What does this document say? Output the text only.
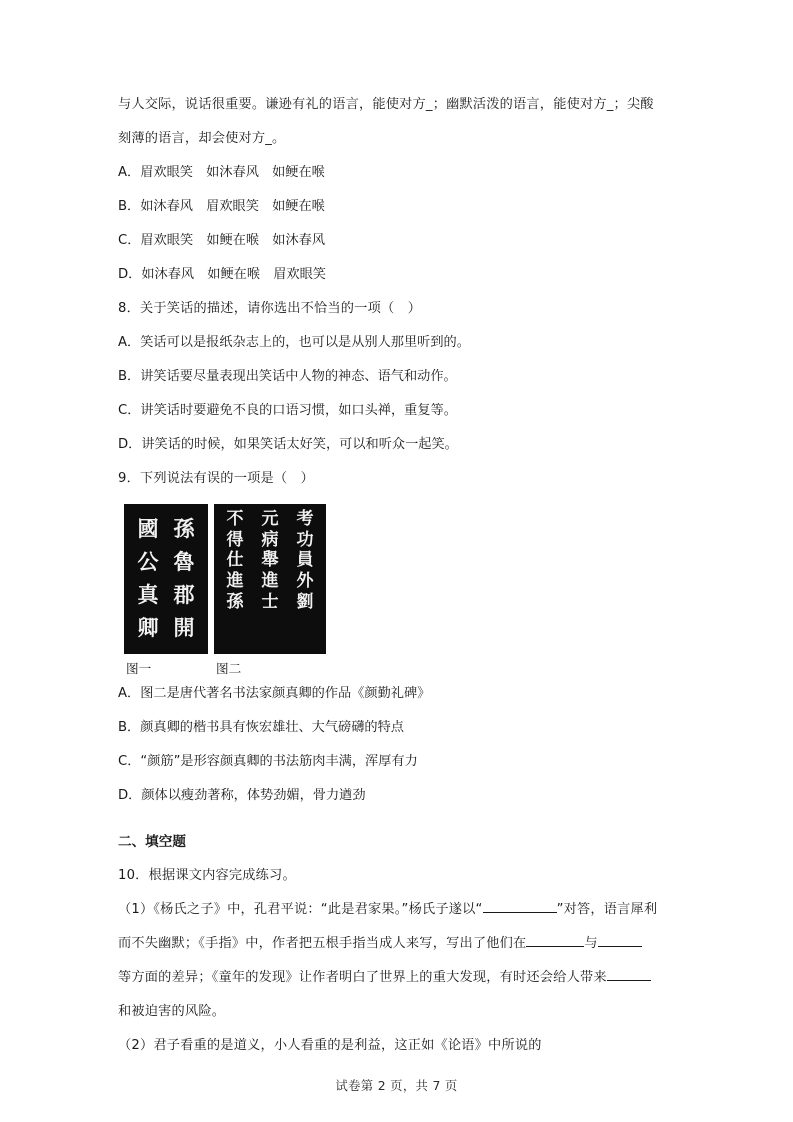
与人交际，说话很重要。谦逊有礼的语言，能使对方_；幽默活泼的语言，能使对方_；尖酸
刻薄的语言，却会使对方_。
A．眉欢眼笑　如沐春风　如鲠在喉
B．如沐春风　眉欢眼笑　如鲠在喉
C．眉欢眼笑　如鲠在喉　如沐春风
D．如沐春风　如鲠在喉　眉欢眼笑
8．关于笑话的描述，请你选出不恰当的一项（　）
A．笑话可以是报纸杂志上的，也可以是从别人那里听到的。
B．讲笑话要尽量表现出笑话中人物的神态、语气和动作。
C．讲笑话时要避免不良的口语习惯，如口头禅，重复等。
D．讲笑话的时候，如果笑话太好笑，可以和听众一起笑。
9．下列说法有误的一项是（　）
孫
魯
郡
開
國
公
真
卿
考
功
員
外
劉
元
病
舉
進
士
不
得
仕
進
孫
图一	图二
A．图二是唐代著名书法家颜真卿的作品《颜勤礼碑》
B．颜真卿的楷书具有恢宏雄壮、大气磅礴的特点
C．“颜筋”是形容颜真卿的书法筋肉丰满，浑厚有力
D．颜体以瘦劲著称，体势劲媚，骨力遒劲
二、填空题
10．根据课文内容完成练习。
（1）《杨氏之子》中，孔君平说：“此是君家果。”杨氏子遂以“	”对答，语言犀利
而不失幽默；《手指》中，作者把五根手指当成人来写，写出了他们在	与
等方面的差异；《童年的发现》让作者明白了世界上的重大发现，有时还会给人带来
和被迫害的风险。
（2）君子看重的是道义，小人看重的是利益，这正如《论语》中所说的
试卷第 2 页，共 7 页
